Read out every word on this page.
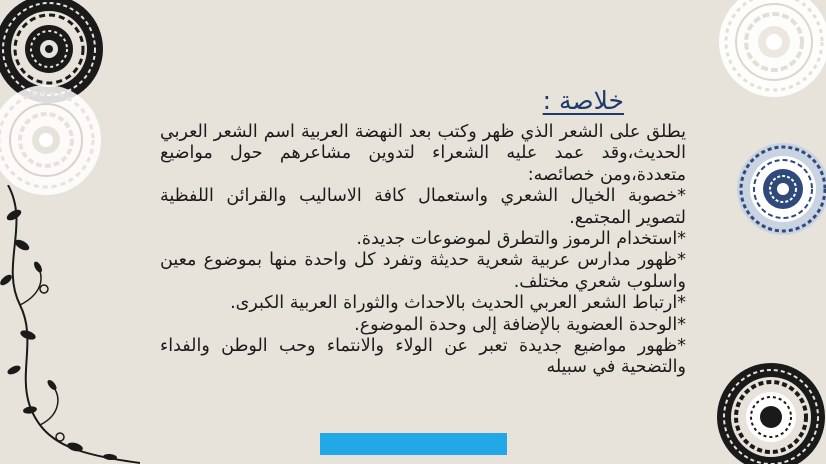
خلاصة :

يطلق على الشعر الذي ظهر وكتب بعد النهضة العربية اسم الشعر العربي الحديث،وقد عمد عليه الشعراء لتدوين مشاعرهم حول مواضيع متعددة،ومن خصائصه:

*خصوبة الخيال الشعري واستعمال كافة الاساليب والقرائن اللفظية لتصوير المجتمع.

*استخدام الرموز والتطرق لموضوعات جديدة.

*ظهور مدارس عربية شعرية حديثة وتفرد كل واحدة منها بموضوع معين واسلوب شعري مختلف.

*ارتباط الشعر العربي الحديث بالاحداث والثوراة العربية الكبرى.

*الوحدة العضوية بالإضافة إلى وحدة الموضوع.

*ظهور مواضيع جديدة تعبر عن الولاء والانتماء وحب الوطن والفداء والتضحية في سبيله
